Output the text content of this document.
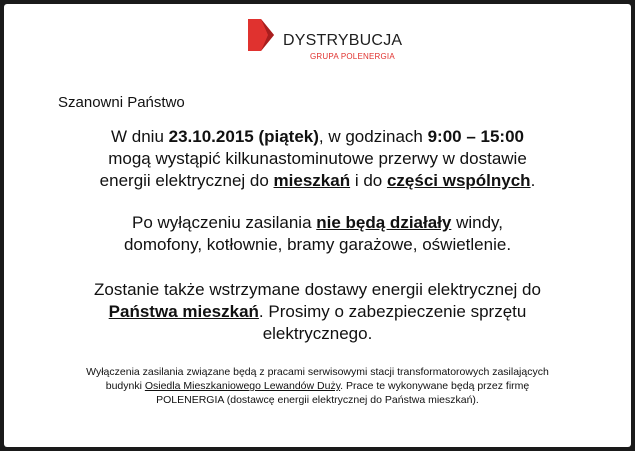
DYSTRYBUCJA
GRUPA POLENERGIA
Szanowni Państwo
W dniu 23.10.2015 (piątek), w godzinach 9:00 – 15:00
mogą wystąpić kilkunastominutowe przerwy w dostawie
energii elektrycznej do mieszkań i do części wspólnych.
Po wyłączeniu zasilania nie będą działały windy,
domofony, kotłownie, bramy garażowe, oświetlenie.
Zostanie także wstrzymane dostawy energii elektrycznej do
Państwa mieszkań. Prosimy o zabezpieczenie sprzętu
elektrycznego.
Wyłączenia zasilania związane będą z pracami serwisowymi stacji transformatorowych zasilających
budynki Osiedla Mieszkaniowego Lewandów Duży. Prace te wykonywane będą przez firmę
POLENERGIA (dostawcę energii elektrycznej do Państwa mieszkań).
